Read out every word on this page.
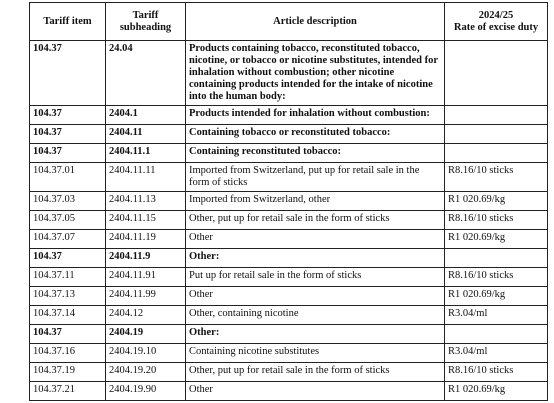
Tariff item	Tariff subheading	Article description	2024/25
Rate of excise duty

104.37	24.04	Products containing tobacco, reconstituted tobacco, nicotine, or tobacco or nicotine substitutes, intended for inhalation without combustion; other nicotine containing products intended for the intake of nicotine into the human body:	
104.37	2404.1	Products intended for inhalation without combustion:	
104.37	2404.11	Containing tobacco or reconstituted tobacco:	
104.37	2404.11.1	Containing reconstituted tobacco:	
104.37.01	2404.11.11	Imported from Switzerland, put up for retail sale in the form of sticks	R8.16/10 sticks
104.37.03	2404.11.13	Imported from Switzerland, other	R1 020.69/kg
104.37.05	2404.11.15	Other, put up for retail sale in the form of sticks	R8.16/10 sticks
104.37.07	2404.11.19	Other	R1 020.69/kg
104.37	2404.11.9	Other:	
104.37.11	2404.11.91	Put up for retail sale in the form of sticks	R8.16/10 sticks
104.37.13	2404.11.99	Other	R1 020.69/kg
104.37.14	2404.12	Other, containing nicotine	R3.04/ml
104.37	2404.19	Other:	
104.37.16	2404.19.10	Containing nicotine substitutes	R3.04/ml
104.37.19	2404.19.20	Other, put up for retail sale in the form of sticks	R8.16/10 sticks
104.37.21	2404.19.90	Other	R1 020.69/kg
